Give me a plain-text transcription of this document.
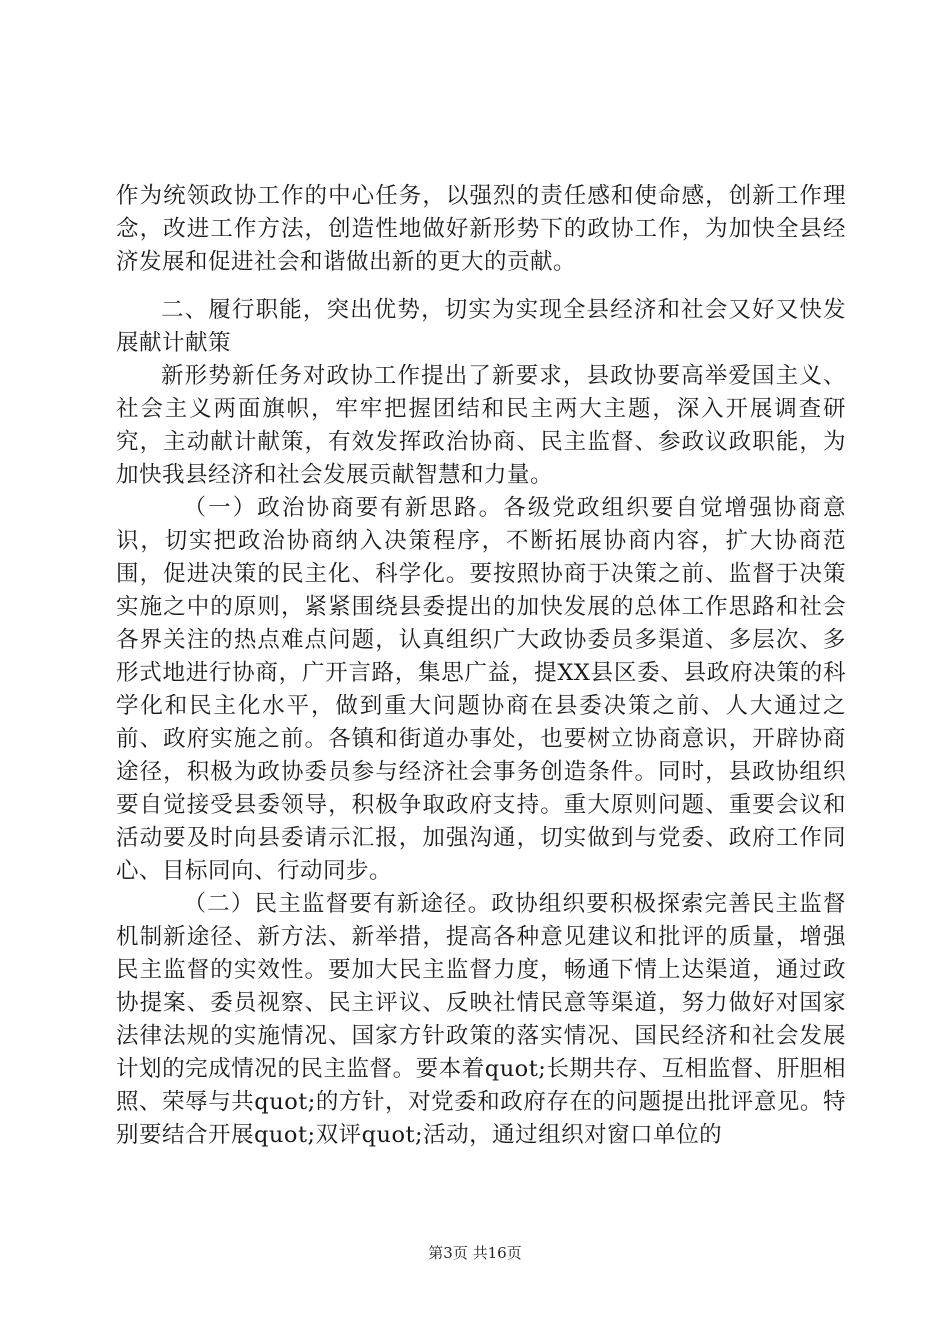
作为统领政协工作的中心任务，以强烈的责任感和使命感，创新工作理念，改进工作方法，创造性地做好新形势下的政协工作，为加快全县经济发展和促进社会和谐做出新的更大的贡献。

二、履行职能，突出优势，切实为实现全县经济和社会又好又快发展献计献策

新形势新任务对政协工作提出了新要求，县政协要高举爱国主义、社会主义两面旗帜，牢牢把握团结和民主两大主题，深入开展调查研究，主动献计献策，有效发挥政治协商、民主监督、参政议政职能，为加快我县经济和社会发展贡献智慧和力量。

（一）政治协商要有新思路。各级党政组织要自觉增强协商意识，切实把政治协商纳入决策程序，不断拓展协商内容，扩大协商范围，促进决策的民主化、科学化。要按照协商于决策之前、监督于决策实施之中的原则，紧紧围绕县委提出的加快发展的总体工作思路和社会各界关注的热点难点问题，认真组织广大政协委员多渠道、多层次、多形式地进行协商，广开言路，集思广益，提XX县区委、县政府决策的科学化和民主化水平，做到重大问题协商在县委决策之前、人大通过之前、政府实施之前。各镇和街道办事处，也要树立协商意识，开辟协商途径，积极为政协委员参与经济社会事务创造条件。同时，县政协组织要自觉接受县委领导，积极争取政府支持。重大原则问题、重要会议和活动要及时向县委请示汇报，加强沟通，切实做到与党委、政府工作同心、目标同向、行动同步。

（二）民主监督要有新途径。政协组织要积极探索完善民主监督机制新途径、新方法、新举措，提高各种意见建议和批评的质量，增强民主监督的实效性。要加大民主监督力度，畅通下情上达渠道，通过政协提案、委员视察、民主评议、反映社情民意等渠道，努力做好对国家法律法规的实施情况、国家方针政策的落实情况、国民经济和社会发展计划的完成情况的民主监督。要本着quot;长期共存、互相监督、肝胆相照、荣辱与共quot;的方针，对党委和政府存在的问题提出批评意见。特别要结合开展quot;双评quot;活动，通过组织对窗口单位的

第3页 共16页
